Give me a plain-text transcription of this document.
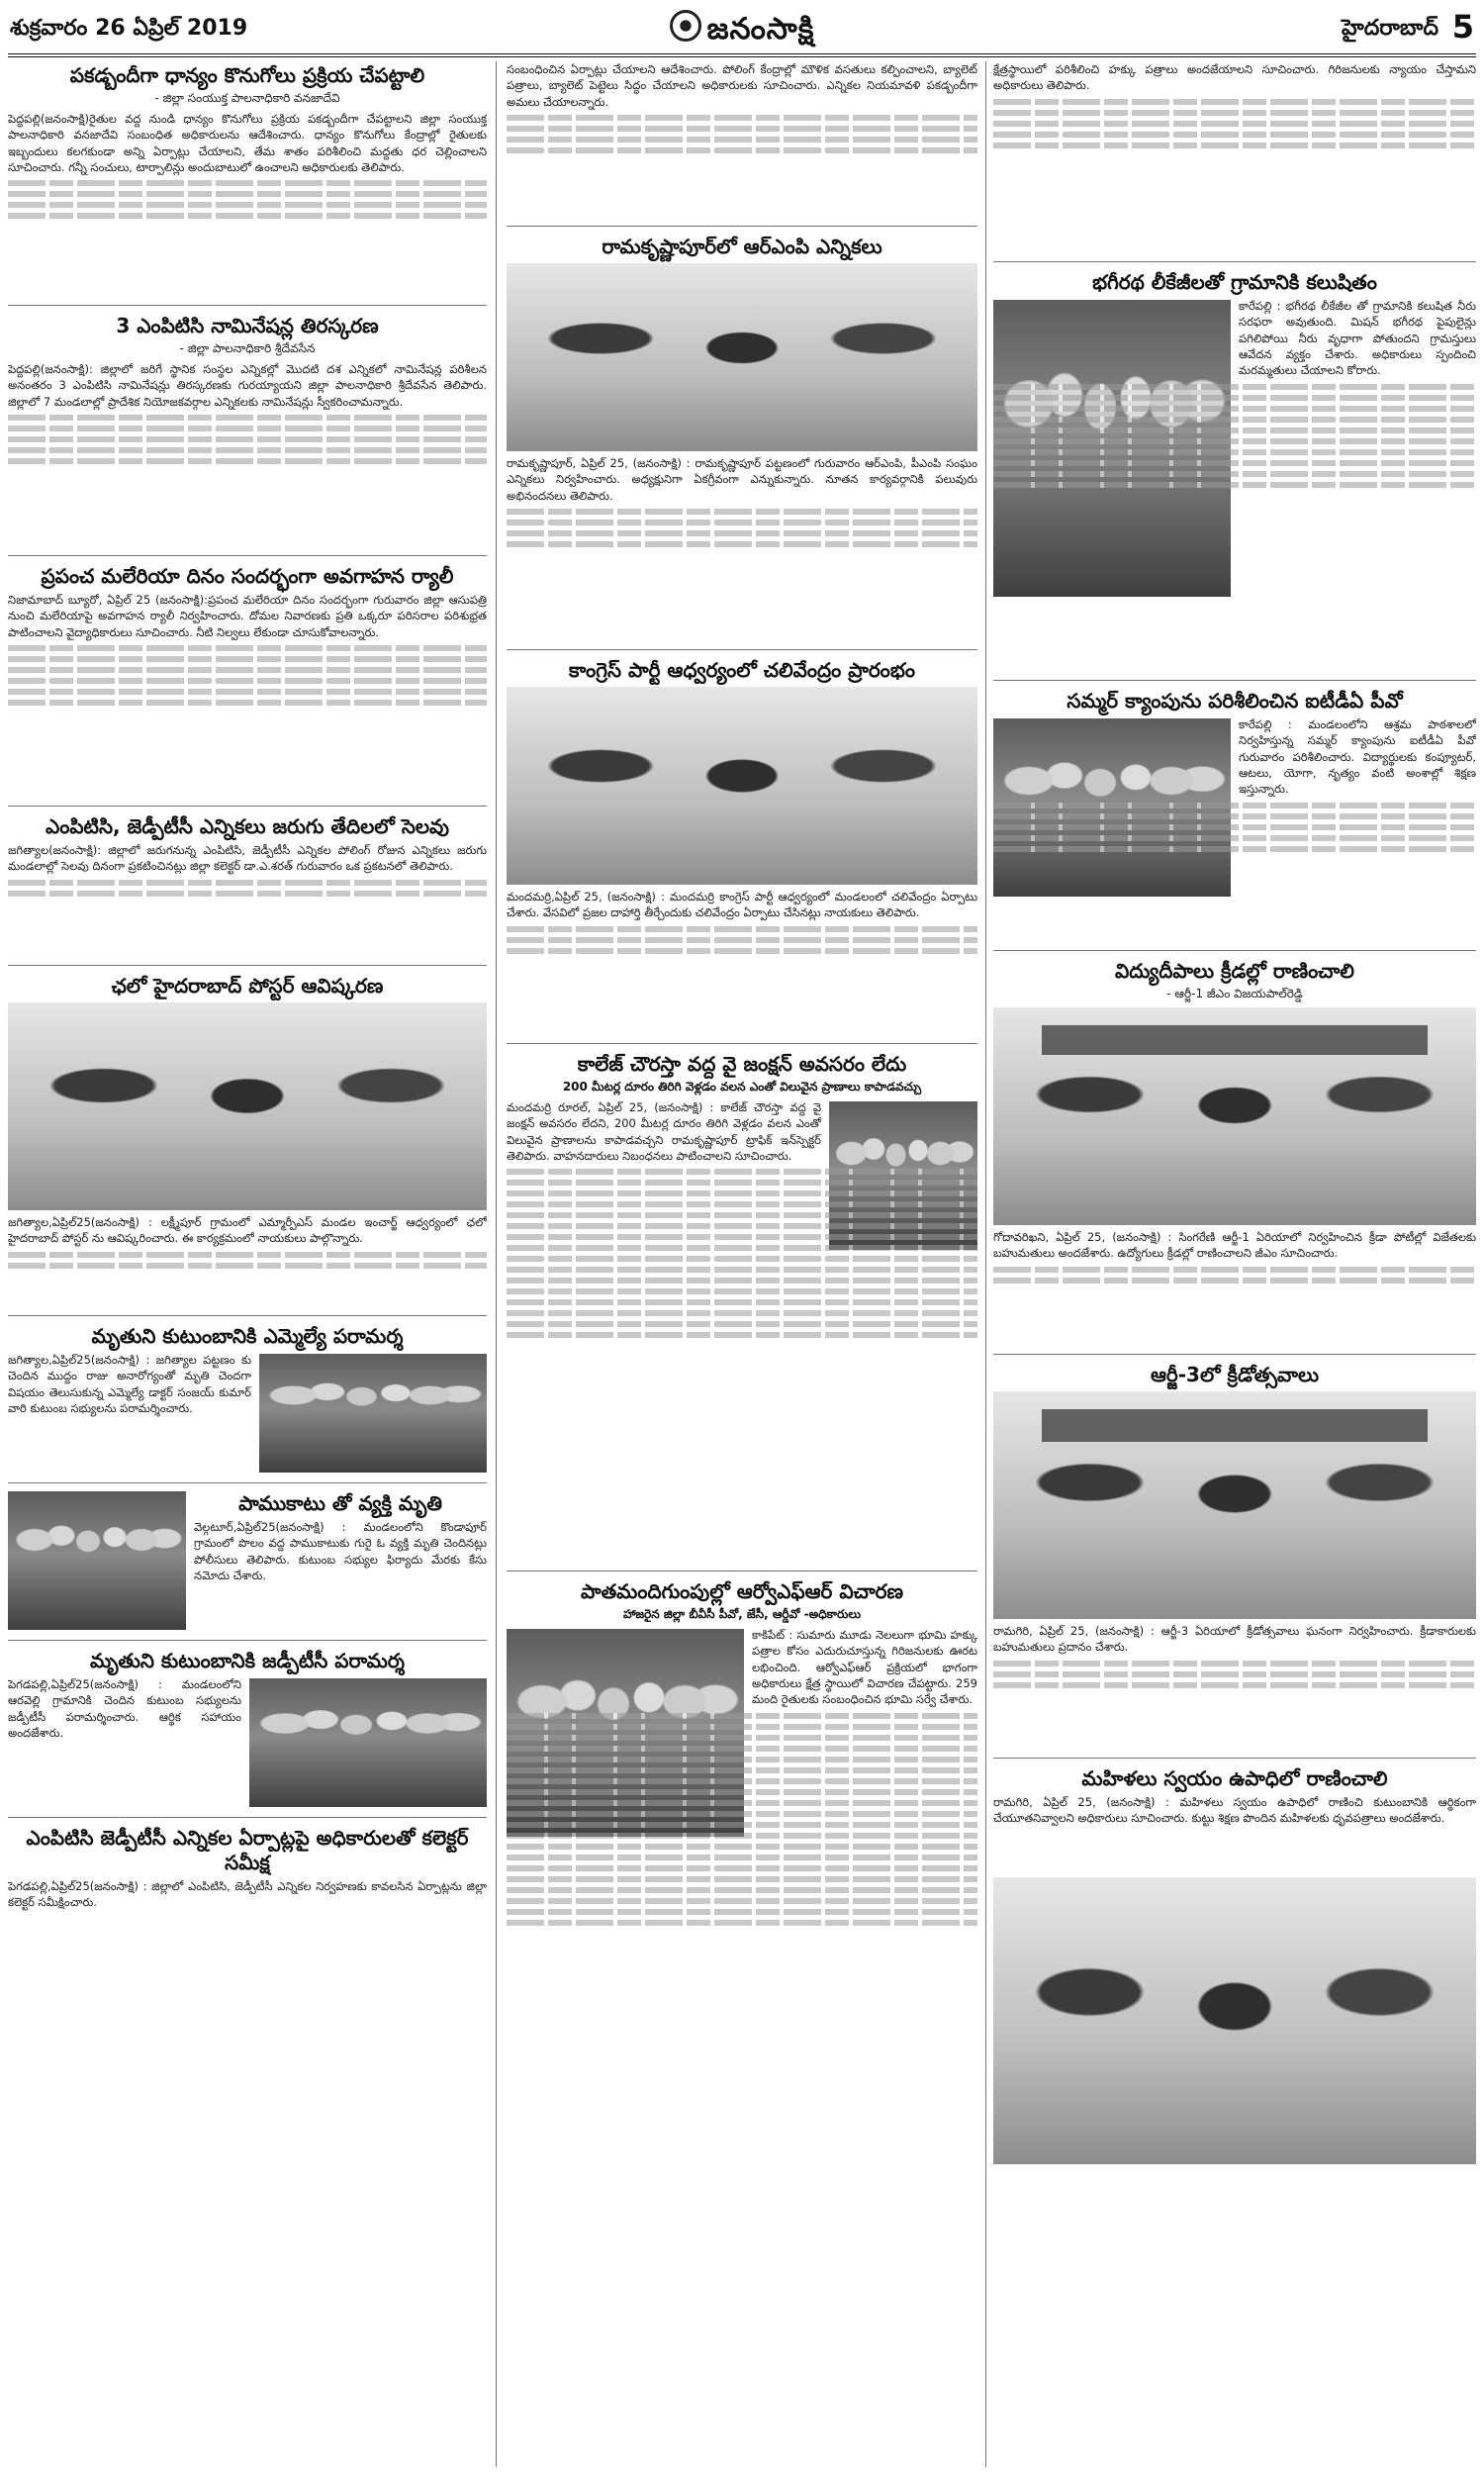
శుక్రవారం 26 ఏప్రిల్ 2019	జనంసాక్షి	హైదరాబాద్ 5
పకడ్బందీగా ధాన్యం కొనుగోలు ప్రక్రియ చేపట్టాలి
- జిల్లా సంయుక్త పాలనాధికారి వనజాదేవి
పెద్దపల్లి(జనంసాక్షి)రైతుల వద్ద నుండి ధాన్యం కొనుగోలు ప్రక్రియ పకడ్బందీగా చేపట్టాలని జిల్లా సంయుక్త పాలనాధికారి వనజాదేవి సంబంధిత అధికారులను ఆదేశించారు. ధాన్యం కొనుగోలు కేంద్రాల్లో రైతులకు ఇబ్బందులు కలగకుండా అన్ని ఏర్పాట్లు చేయాలని, తేమ శాతం పరిశీలించి మద్దతు ధర చెల్లించాలని సూచించారు. గన్నీ సంచులు, టార్పాలిన్లు అందుబాటులో ఉంచాలని అధికారులకు తెలిపారు.
3 ఎంపిటిసి నామినేషన్ల తిరస్కరణ
- జిల్లా పాలనాధికారి శ్రీదేవసేన
పెద్దపల్లి(జనంసాక్షి): జిల్లాలో జరిగే స్థానిక సంస్థల ఎన్నికల్లో మొదటి దశ ఎన్నికలో నామినేషన్ల పరిశీలన అనంతరం 3 ఎంపిటిసి నామినేషన్లు తిరస్కరణకు గురయ్యాయని జిల్లా పాలనాధికారి శ్రీదేవసేన తెలిపారు. జిల్లాలో 7 మండలాల్లో ప్రాదేశిక నియోజకవర్గాల ఎన్నికలకు నామినేషన్లు స్వీకరించామన్నారు.
ప్రపంచ మలేరియా దినం సందర్భంగా అవగాహన ర్యాలీ
నిజామాబాద్ బ్యూరో, ఏప్రిల్ 25 (జనంసాక్షి):ప్రపంచ మలేరియా దినం సందర్భంగా గురువారం జిల్లా ఆసుపత్రి నుంచి మలేరియాపై అవగాహన ర్యాలీ నిర్వహించారు. దోమల నివారణకు ప్రతి ఒక్కరూ పరిసరాల పరిశుభ్రత పాటించాలని వైద్యాధికారులు సూచించారు. నీటి నిల్వలు లేకుండా చూసుకోవాలన్నారు.
ఎంపిటిసి, జెడ్పీటీసీ ఎన్నికలు జరుగు తేదిలలో సెలవు
జగిత్యాల(జనంసాక్షి): జిల్లాలో జరుగనున్న ఎంపిటిసి, జెడ్పీటీసీ ఎన్నికల పోలింగ్ రోజున ఎన్నికలు జరుగు మండలాల్లో సెలవు దినంగా ప్రకటించినట్లు జిల్లా కలెక్టర్ డా.ఎ.శరత్ గురువారం ఒక ప్రకటనలో తెలిపారు.
ఛలో హైదరాబాద్ పోస్టర్ ఆవిష్కరణ
జగిత్యాల,ఏప్రిల్25(జనంసాక్షి) : లక్ష్మీపూర్ గ్రామంలో ఎమ్మార్పీఎస్ మండల ఇంచార్జ్ ఆధ్వర్యంలో ఛలో హైదరాబాద్ పోస్టర్ ను ఆవిష్కరించారు. ఈ కార్యక్రమంలో నాయకులు పాల్గొన్నారు.
మృతుని కుటుంబానికి ఎమ్మెల్యే పరామర్శ
జగిత్యాల,ఏప్రిల్25(జనంసాక్షి) : జగిత్యాల పట్టణం కు చెందిన ముద్దం రాజు అనారోగ్యంతో మృతి చెందగా విషయం తెలుసుకున్న ఎమ్మెల్యే డాక్టర్ సంజయ్ కుమార్ వారి కుటుంబ సభ్యులను పరామర్శించారు.
పాముకాటు తో వ్యక్తి మృతి
వెల్గటూర్,ఏప్రిల్25(జనంసాక్షి) : మండలంలోని కొండాపూర్ గ్రామంలో పొలం వద్ద పాముకాటుకు గురై ఓ వ్యక్తి మృతి చెందినట్లు పోలీసులు తెలిపారు. కుటుంబ సభ్యుల ఫిర్యాదు మేరకు కేసు నమోదు చేశారు.
మృతుని కుటుంబానికి జడ్పీటీసీ పరామర్శ
పెగడపల్లి,ఏప్రిల్25(జనంసాక్షి) : మండలంలోని ఆరవెల్లి గ్రామానికి చెందిన కుటుంబ సభ్యులను జడ్పీటీసీ పరామర్శించారు. ఆర్థిక సహాయం అందజేశారు.
ఎంపిటిసి జెడ్పీటీసీ ఎన్నికల ఏర్పాట్లపై అధికారులతో కలెక్టర్ సమీక్ష
పెగడపల్లి,ఏప్రిల్25(జనంసాక్షి) : జిల్లాలో ఎంపిటిసి, జెడ్పీటీసీ ఎన్నికల నిర్వహణకు కావలసిన ఏర్పాట్లను జిల్లా కలెక్టర్ సమీక్షించారు.
సంబంధించిన ఏర్పాట్లు చేయాలని ఆదేశించారు. పోలింగ్ కేంద్రాల్లో మౌళిక వసతులు కల్పించాలని, బ్యాలెట్ పత్రాలు, బ్యాలెట్ పెట్టెలు సిద్ధం చేయాలని అధికారులకు సూచించారు. ఎన్నికల నియమావళి పకడ్బందీగా అమలు చేయాలన్నారు.
రామకృష్ణాపూర్‌లో ఆర్‌ఎంపి ఎన్నికలు
రామకృష్ణాపూర్, ఏప్రిల్ 25, (జనంసాక్షి) : రామకృష్ణాపూర్ పట్టణంలో గురువారం ఆర్‌ఎంపి, పీఎంపి సంఘం ఎన్నికలు నిర్వహించారు. అధ్యక్షునిగా ఏకగ్రీవంగా ఎన్నుకున్నారు. నూతన కార్యవర్గానికి పలువురు అభినందనలు తెలిపారు.
కాంగ్రెస్ పార్టీ ఆధ్వర్యంలో చలివేంద్రం ప్రారంభం
మందమర్రి,ఏప్రిల్ 25, (జనంసాక్షి) : మందమర్రి కాంగ్రెస్ పార్టీ ఆధ్వర్యంలో మండలంలో చలివేంద్రం ఏర్పాటు చేశారు. వేసవిలో ప్రజల దాహార్తి తీర్చేందుకు చలివేంద్రం ఏర్పాటు చేసినట్లు నాయకులు తెలిపారు.
కాలేజ్ చౌరస్తా వద్ద వై జంక్షన్ అవసరం లేదు
200 మీటర్ల దూరం తిరిగి వెళ్లడం వలన ఎంతో విలువైన ప్రాణాలు కాపాడవచ్చు
మందమర్రి రూరల్, ఏప్రిల్ 25, (జనంసాక్షి) : కాలేజ్ చౌరస్తా వద్ద వై జంక్షన్ అవసరం లేదని, 200 మీటర్ల దూరం తిరిగి వెళ్లడం వలన ఎంతో విలువైన ప్రాణాలను కాపాడవచ్చని రామకృష్ణాపూర్ ట్రాఫిక్ ఇన్‌స్పెక్టర్ తెలిపారు. వాహనదారులు నిబంధనలు పాటించాలని సూచించారు.
పాతమందిగుంపుల్లో ఆర్వోఎఫ్‌ఆర్ విచారణ
హాజరైన జిల్లా బీవీసీ పీవో, జేసీ, ఆర్డీవో -అధికారులు
కాకిపేట్ : సుమారు మూడు నెలలుగా భూమి హక్కు పత్రాల కోసం ఎదురుచూస్తున్న గిరిజనులకు ఊరట లభించింది. ఆర్వోఎఫ్‌ఆర్ ప్రక్రియలో భాగంగా అధికారులు క్షేత్ర స్థాయిలో విచారణ చేపట్టారు. 259 మంది రైతులకు సంబంధించిన భూమి సర్వే చేశారు.
క్షేత్రస్థాయిలో పరిశీలించి హక్కు పత్రాలు అందజేయాలని సూచించారు. గిరిజనులకు న్యాయం చేస్తామని అధికారులు తెలిపారు.
భగీరథ లీకేజీలతో గ్రామానికి కలుషితం
కారేపల్లి : భగీరథ లీకేజీల తో గ్రామానికి కలుషిత నీరు సరఫరా అవుతుంది. మిషన్ భగీరథ పైపులైన్లు పగిలిపోయి నీరు వృధాగా పోతుందని గ్రామస్తులు ఆవేదన వ్యక్తం చేశారు. అధికారులు స్పందించి మరమ్మతులు చేయాలని కోరారు.
సమ్మర్ క్యాంపును పరిశీలించిన ఐటీడీఏ పీవో
కారేపల్లి : మండలంలోని ఆశ్రమ పాఠశాలలో నిర్వహిస్తున్న సమ్మర్ క్యాంపును ఐటీడీఏ పీవో గురువారం పరిశీలించారు. విద్యార్థులకు కంప్యూటర్, ఆటలు, యోగా, నృత్యం వంటి అంశాల్లో శిక్షణ ఇస్తున్నారు.
విద్యుదీపాలు క్రీడల్లో రాణించాలి
- ఆర్జీ-1 జీఎం విజయపాల్‌రెడ్డి
గోదావరిఖని, ఏప్రిల్ 25, (జనంసాక్షి) : సింగరేణి ఆర్జీ-1 ఏరియాలో నిర్వహించిన క్రీడా పోటీల్లో విజేతలకు బహుమతులు అందజేశారు. ఉద్యోగులు క్రీడల్లో రాణించాలని జీఎం సూచించారు.
ఆర్జీ-3లో క్రీడోత్సవాలు
రామగిరి, ఏప్రిల్ 25, (జనంసాక్షి) : ఆర్జీ-3 ఏరియాలో క్రీడోత్సవాలు ఘనంగా నిర్వహించారు. క్రీడాకారులకు బహుమతులు ప్రదానం చేశారు.
మహిళలు స్వయం ఉపాధిలో రాణించాలి
రామగిరి, ఏప్రిల్ 25, (జనంసాక్షి) : మహిళలు స్వయం ఉపాధిలో రాణించి కుటుంబానికి ఆర్థికంగా చేయూతనివ్వాలని అధికారులు సూచించారు. కుట్టు శిక్షణ పొందిన మహిళలకు ధృవపత్రాలు అందజేశారు.
